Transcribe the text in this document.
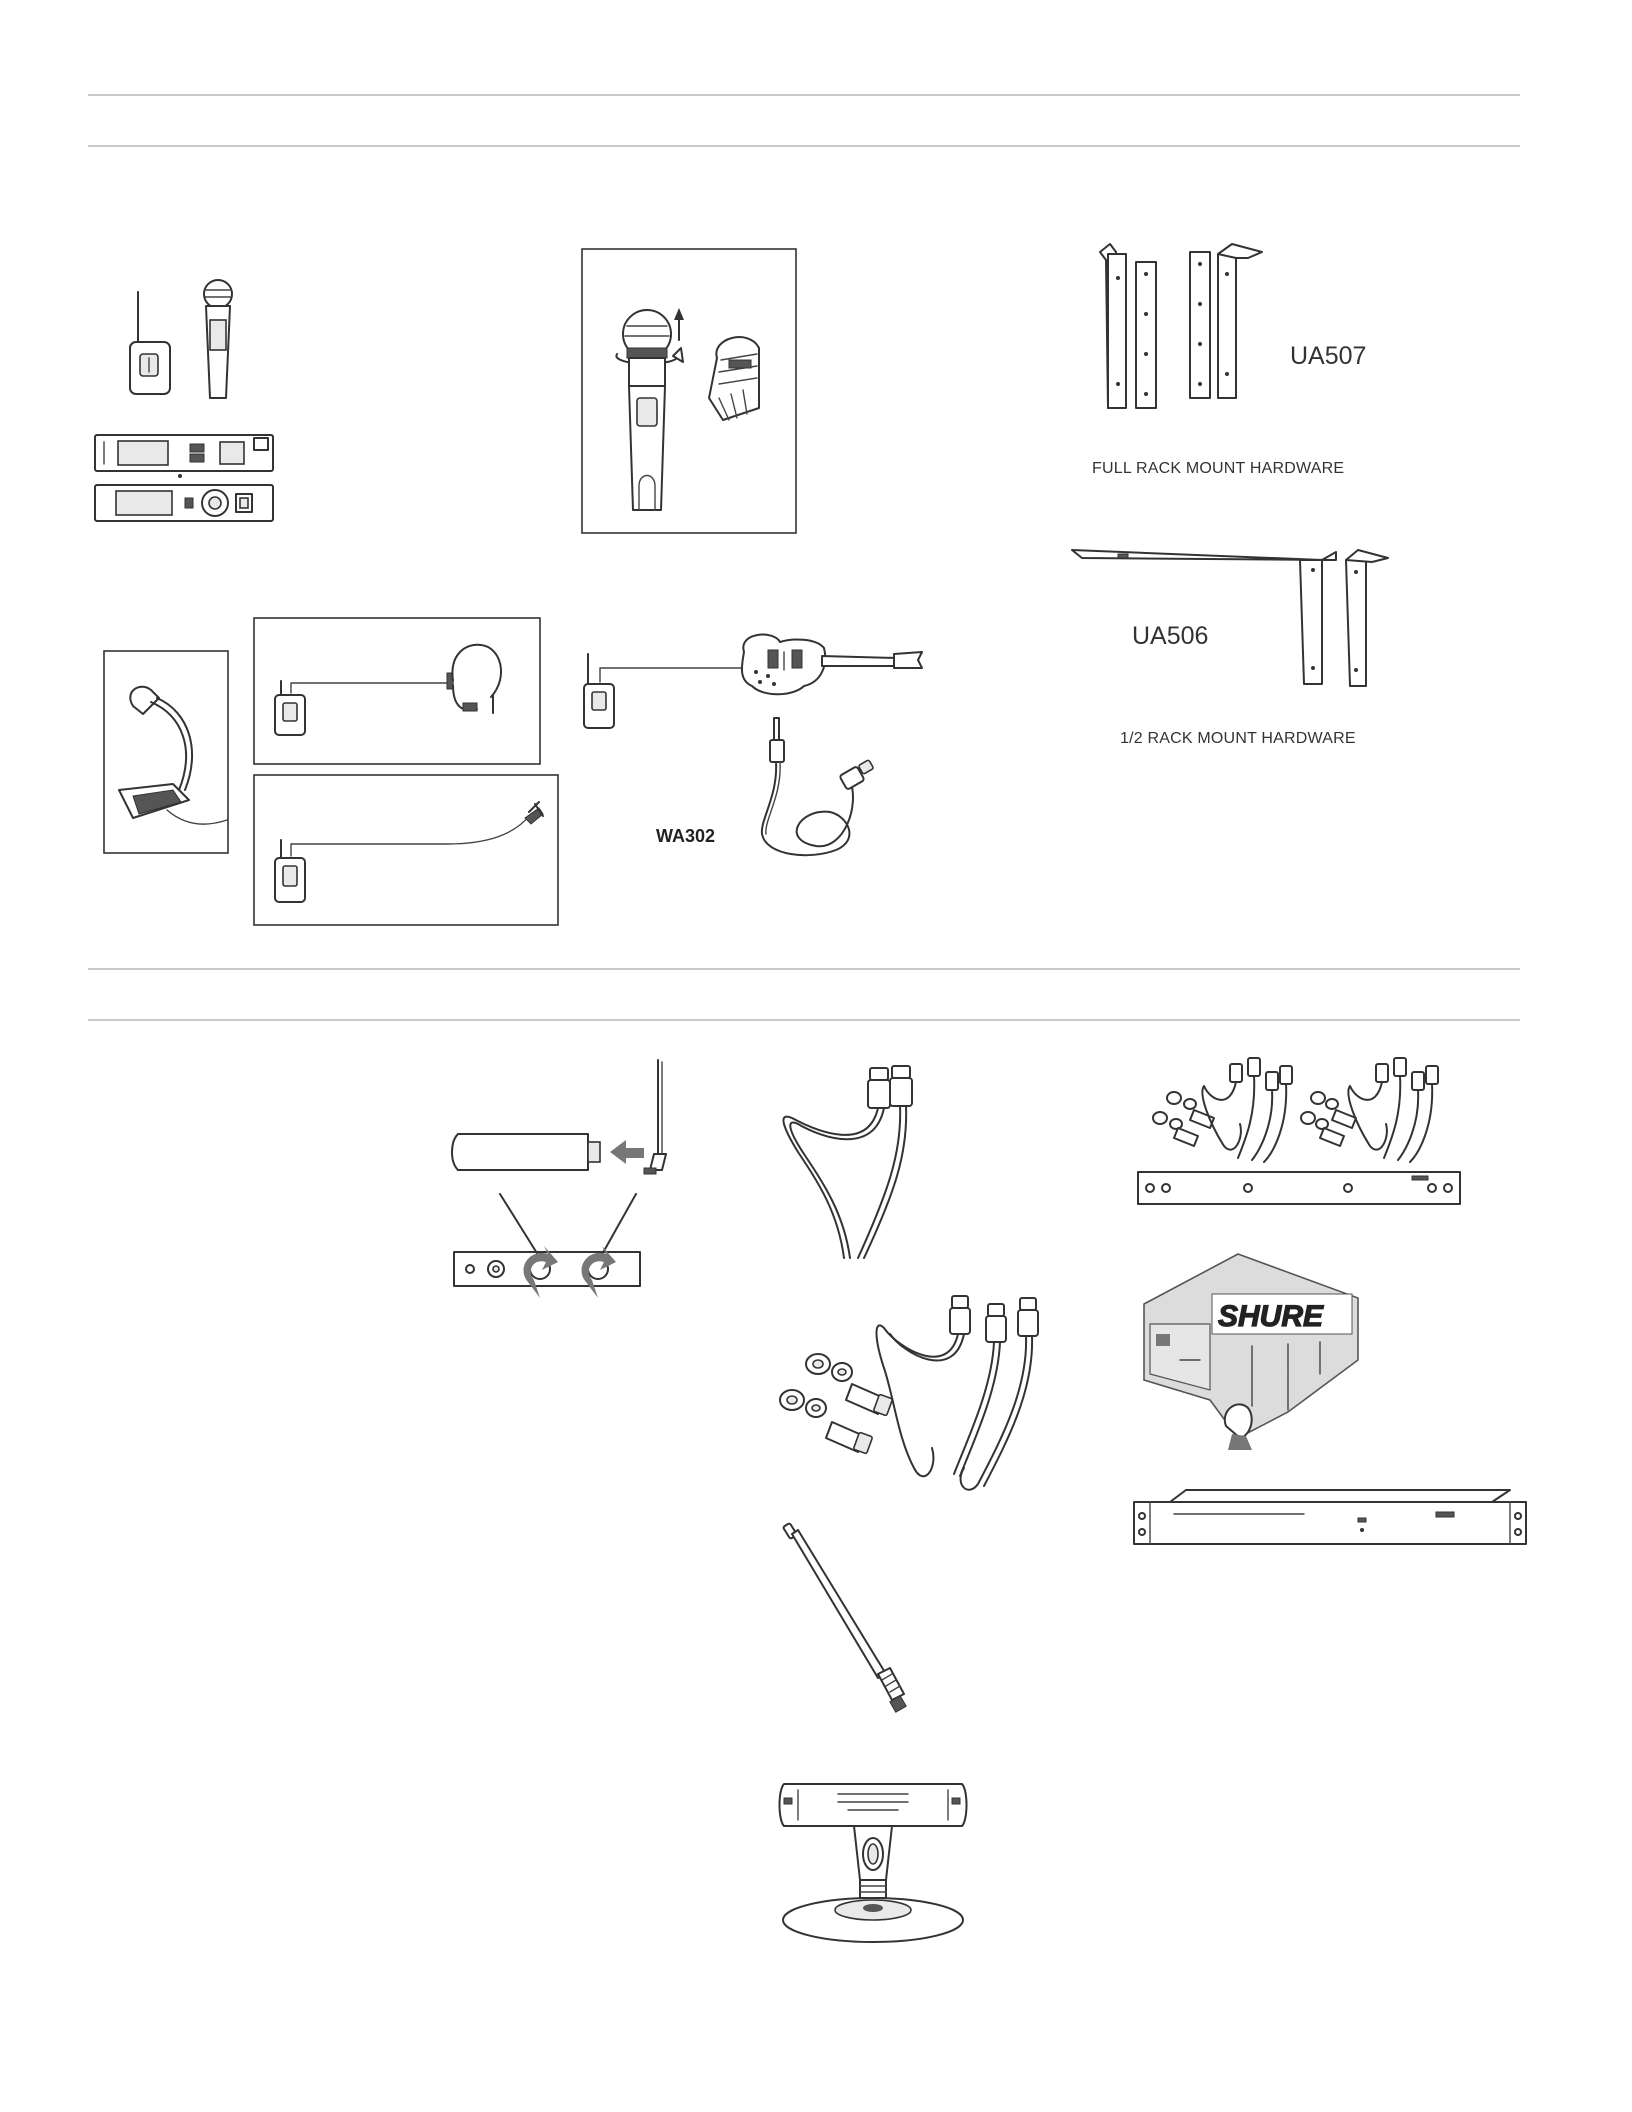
UA507
FULL RACK MOUNT HARDWARE
UA506
1/2 RACK MOUNT HARDWARE
WA302
SHURE
